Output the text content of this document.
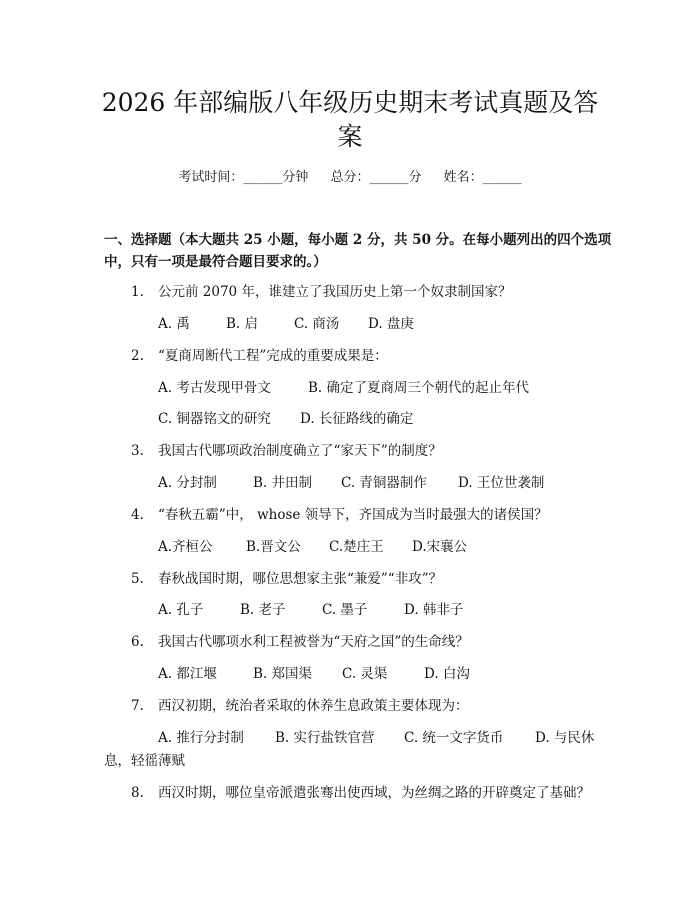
2026 年部编版八年级历史期末考试真题及答
案
考试时间：______分钟 总分：______分 姓名：______
一、选择题（本大题共 25 小题，每小题 2 分，共 50 分。在每小题列出的四个选项中，只有一项是最符合题目要求的。）
1. 公元前 2070 年，谁建立了我国历史上第一个奴隶制国家？
A. 禹	B. 启	C. 商汤 D. 盘庚
2. “夏商周断代工程”完成的重要成果是：
A. 考古发现甲骨文	B. 确定了夏商周三个朝代的起止年代
C. 铜器铭文的研究 D. 长征路线的确定
3. 我国古代哪项政治制度确立了“家天下”的制度？
A. 分封制	B. 井田制 C. 青铜器制作 D. 王位世袭制
4. “春秋五霸”中， whose 领导下，齐国成为当时最强大的诸侯国？
A.齐桓公 B.晋文公 C.楚庄王 D.宋襄公
5. 春秋战国时期，哪位思想家主张“兼爱”“非攻”？
A. 孔子	B. 老子	C. 墨子	D. 韩非子
6. 我国古代哪项水利工程被誉为“天府之国”的生命线？
A. 都江堰	B. 郑国渠 C. 灵渠	D. 白沟
7. 西汉初期，统治者采取的休养生息政策主要体现为：
A. 推行分封制 B. 实行盐铁官营 C. 统一文字货币 D. 与民休
息，轻徭薄赋
8. 西汉时期，哪位皇帝派遣张骞出使西域，为丝绸之路的开辟奠定了基础？
